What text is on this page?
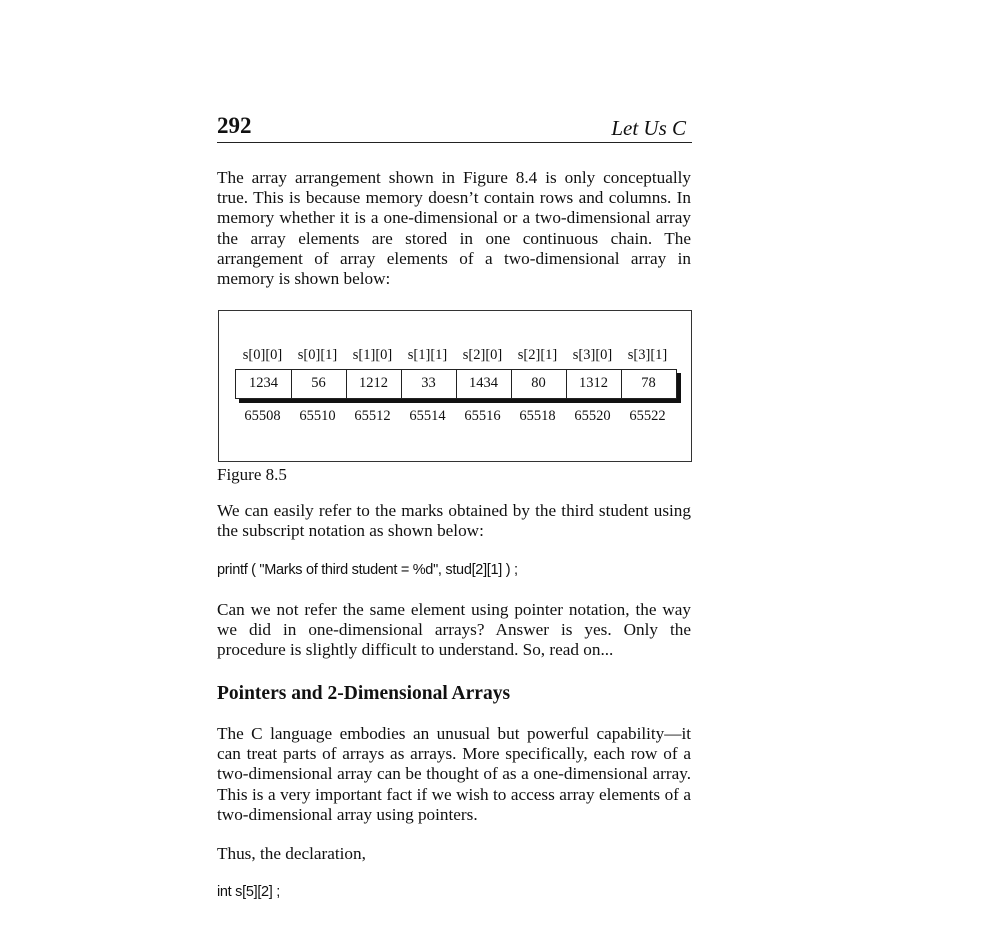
292	Let Us C

The array arrangement shown in Figure 8.4 is only conceptually true. This is because memory doesn’t contain rows and columns. In memory whether it is a one-dimensional or a two-dimensional array the array elements are stored in one continuous chain. The arrangement of array elements of a two-dimensional array in memory is shown below:

s[0][0]	s[0][1]	s[1][0]	s[1][1]	s[2][0]	s[2][1]	s[3][0]	s[3][1]
1234	56	1212	33	1434	80	1312	78
65508	65510	65512	65514	65516	65518	65520	65522
Figure 8.5

We can easily refer to the marks obtained by the third student using the subscript notation as shown below:

printf ( "Marks of third student = %d", stud[2][1] ) ;

Can we not refer the same element using pointer notation, the way we did in one-dimensional arrays? Answer is yes. Only the procedure is slightly difficult to understand. So, read on...

Pointers and 2-Dimensional Arrays

The C language embodies an unusual but powerful capability—it can treat parts of arrays as arrays. More specifically, each row of a two-dimensional array can be thought of as a one-dimensional array. This is a very important fact if we wish to access array elements of a two-dimensional array using pointers.

Thus, the declaration,

int s[5][2] ;
